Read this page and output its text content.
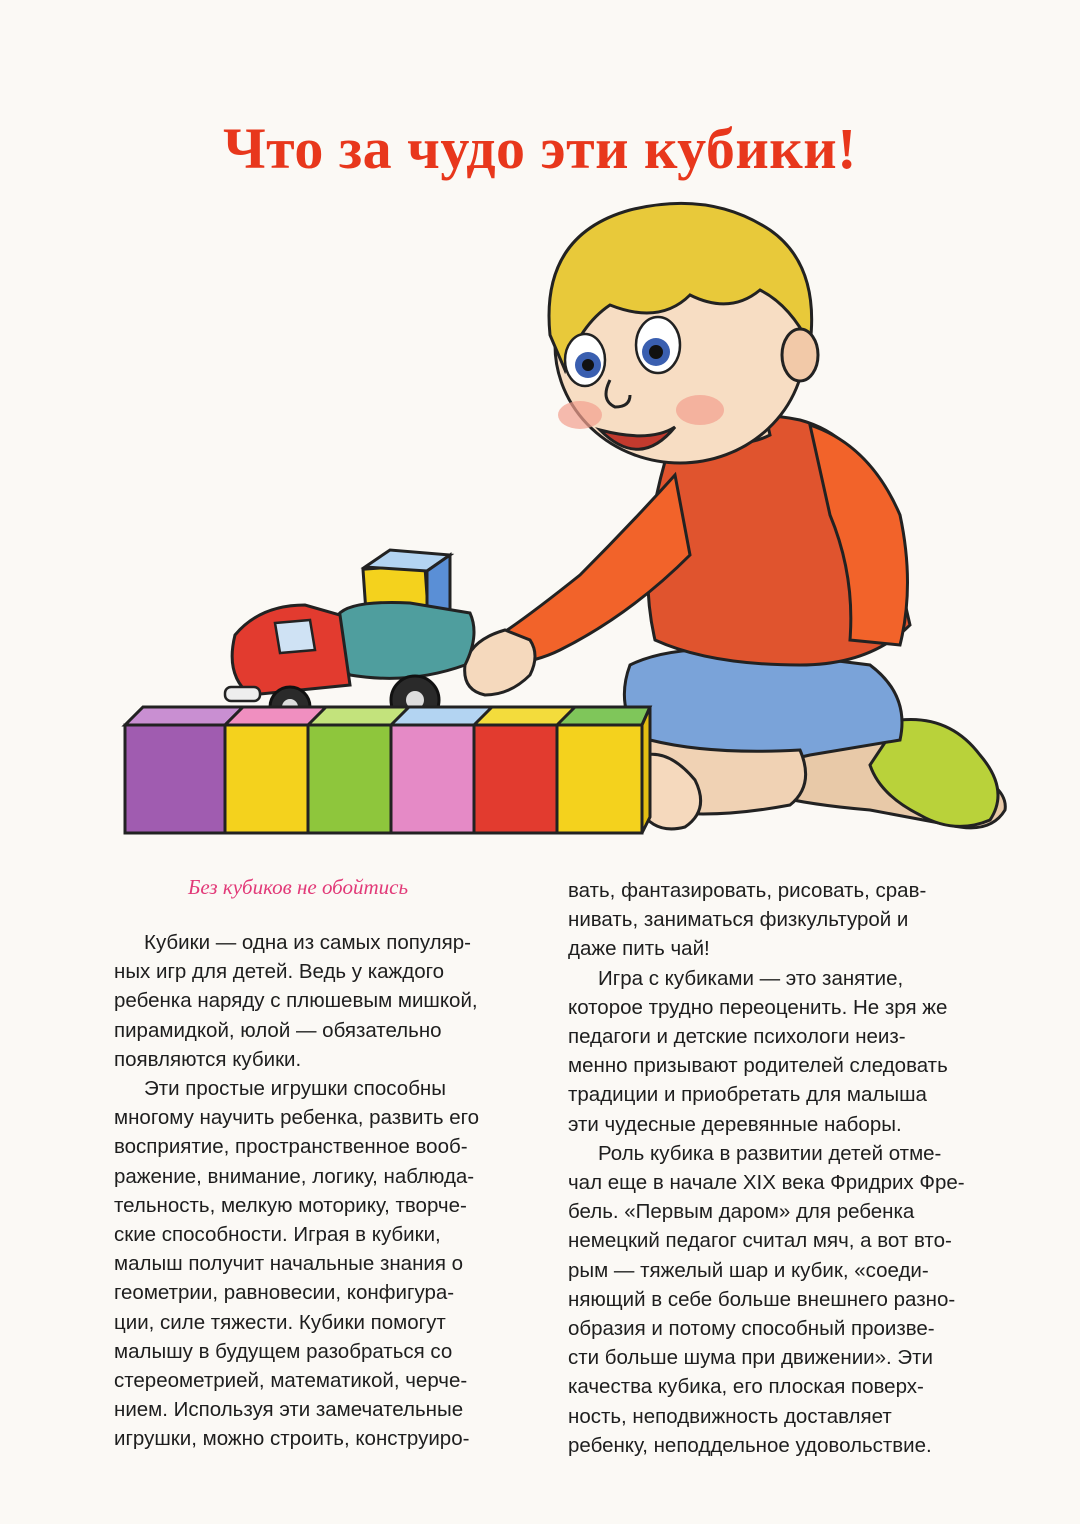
Что за чудо эти кубики!
Без кубиков не обойтись

Кубики — одна из самых популяр-

ных игр для детей. Ведь у каждого

ребенка наряду с плюшевым мишкой,

пирамидкой, юлой — обязательно

появляются кубики.

Эти простые игрушки способны

многому научить ребенка, развить его

восприятие, пространственное вооб-

ражение, внимание, логику, наблюда-

тельность, мелкую моторику, творче-

ские способности. Играя в кубики,

малыш получит начальные знания о

геометрии, равновесии, конфигура-

ции, силе тяжести. Кубики помогут

малышу в будущем разобраться со

стереометрией, математикой, черче-

нием. Используя эти замечательные

игрушки, можно строить, конструиро-

вать, фантазировать, рисовать, срав-

нивать, заниматься физкультурой и

даже пить чай!

Игра с кубиками — это занятие,

которое трудно переоценить. Не зря же

педагоги и детские психологи неиз-

менно призывают родителей следовать

традиции и приобретать для малыша

эти чудесные деревянные наборы.

Роль кубика в развитии детей отме-

чал еще в начале XIX века Фридрих Фре-

бель. «Первым даром» для ребенка

немецкий педагог считал мяч, а вот вто-

рым — тяжелый шар и кубик, «соеди-

няющий в себе больше внешнего разно-

образия и потому способный произве-

сти больше шума при движении». Эти

качества кубика, его плоская поверх-

ность, неподвижность доставляет

ребенку, неподдельное удовольствие.
